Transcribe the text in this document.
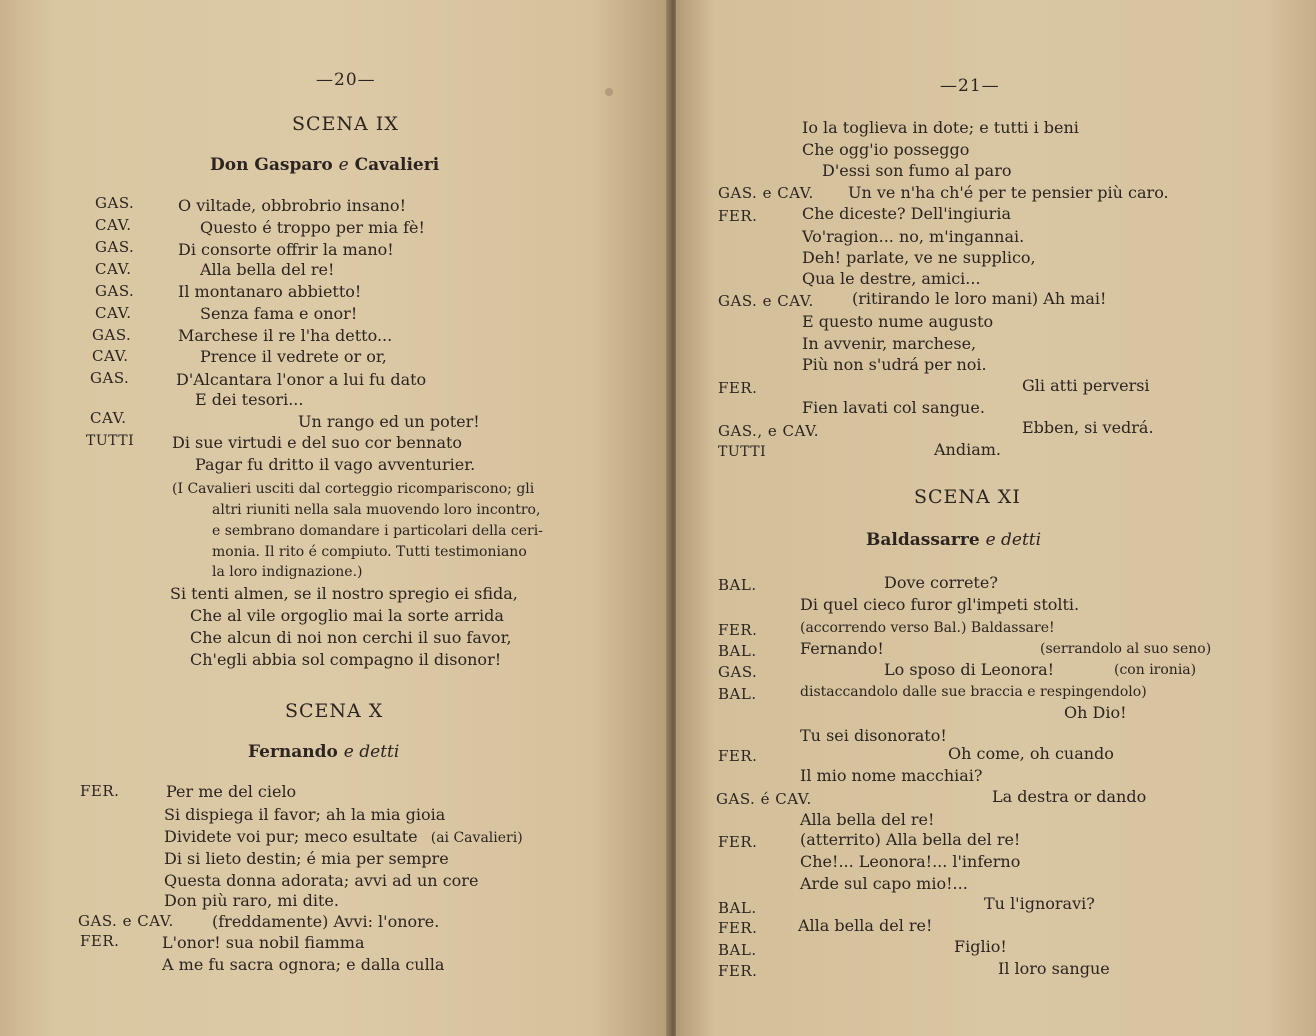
—20—
SCENA IX
Don Gasparo e Cavalieri
GAS.	O viltade, obbrobrio insano!
CAV.	Questo é troppo per mia fè!
GAS.	Di consorte offrir la mano!
CAV.	Alla bella del re!
GAS.	Il montanaro abbietto!
CAV.	Senza fama e onor!
GAS.	Marchese il re l'ha detto...
CAV.	Prence il vedrete or or,
GAS.	D'Alcantara l'onor a lui fu dato
E dei tesori...
CAV.	Un rango ed un poter!
TUTTI Di sue virtudi e del suo cor bennato
Pagar fu dritto il vago avventurier.
(I Cavalieri usciti dal corteggio ricompariscono; gli
altri riuniti nella sala muovendo loro incontro,
e sembrano domandare i particolari della ceri-
monia. Il rito é compiuto. Tutti testimoniano
la loro indignazione.)
Si tenti almen, se il nostro spregio ei sfida,
Che al vile orgoglio mai la sorte arrida
Che alcun di noi non cerchi il suo favor,
Ch'egli abbia sol compagno il disonor!
SCENA X
Fernando e detti
FER.	Per me del cielo
Si dispiega il favor; ah la mia gioia
Dividete voi pur; meco esultate (ai Cavalieri)
Di si lieto destin; é mia per sempre
Questa donna adorata; avvi ad un core
Don più raro, mi dite.
GAS. e CAV. (freddamente) Avvi: l'onore.
FER.	L'onor! sua nobil fiamma
A me fu sacra ognora; e dalla culla
—21—
Io la toglieva in dote; e tutti i beni
Che ogg'io posseggo
D'essi son fumo al paro
GAS. e CAV. Un ve n'ha ch'é per te pensier più caro.
FER.	Che diceste? Dell'ingiuria
Vo'ragion... no, m'ingannai.
Deh! parlate, ve ne supplico,
Qua le destre, amici...
GAS. e CAV. (ritirando le loro mani) Ah mai!
E questo nume augusto
In avvenir, marchese,
Più non s'udrá per noi.
FER.	Gli atti perversi
Fien lavati col sangue.
GAS., e CAV.	Ebben, si vedrá.
TUTTI	Andiam.
SCENA XI
Baldassarre e detti
BAL.	Dove correte?
Di quel cieco furor gl'impeti stolti.
FER.	(accorrendo verso Bal.) Baldassare!
BAL.	Fernando!	(serrandolo al suo seno)
GAS.	Lo sposo di Leonora!	(con ironia)
BAL.	distaccandolo dalle sue braccia e respingendolo)
Oh Dio!
Tu sei disonorato!
FER.	Oh come, oh cuando
Il mio nome macchiai?
GAS. é CAV.	La destra or dando
Alla bella del re!
FER.	(atterrito) Alla bella del re!
Che!... Leonora!... l'inferno
Arde sul capo mio!...
BAL.	Tu l'ignoravi?
FER.	Alla bella del re!
BAL.	Figlio!
FER.	Il loro sangue
